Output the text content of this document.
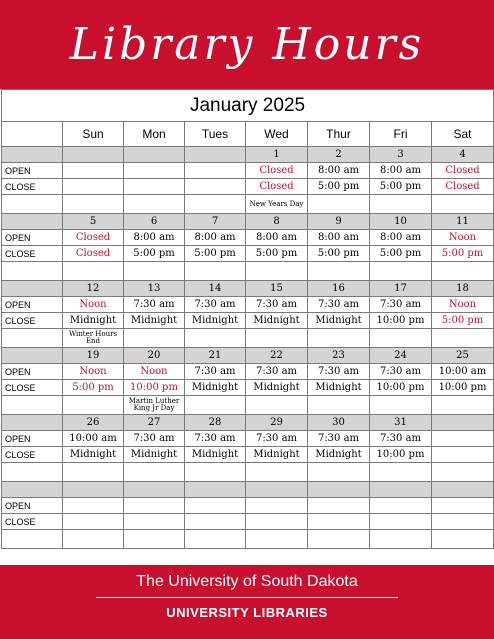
Library Hours
January 2025							
	Sun	Mon	Tues	Wed	Thur	Fri	Sat
				1	2	3	4
OPEN				Closed	8:00 am	8:00 am	Closed
CLOSE				Closed	5:00 pm	5:00 pm	Closed
				New Years Day			
	5	6	7	8	9	10	11
OPEN	Closed	8:00 am	8:00 am	8:00 am	8:00 am	8:00 am	Noon
CLOSE	Closed	5:00 pm	5:00 pm	5:00 pm	5:00 pm	5:00 pm	5:00 pm

	12	13	14	15	16	17	18
OPEN	Noon	7:30 am	7:30 am	7:30 am	7:30 am	7:30 am	Noon
CLOSE	Midnight	Midnight	Midnight	Midnight	Midnight	10:00 pm	5:00 pm
	Winter Hours End						
	19	20	21	22	23	24	25
OPEN	Noon	Noon	7:30 am	7:30 am	7:30 am	7:30 am	10:00 am
CLOSE	5:00 pm	10:00 pm	Midnight	Midnight	Midnight	10:00 pm	10:00 pm
		Martin Luther King Jr Day					
	26	27	28	29	30	31	
OPEN	10:00 am	7:30 am	7:30 am	7:30 am	7:30 am	7:30 am	
CLOSE	Midnight	Midnight	Midnight	Midnight	Midnight	10:00 pm	

OPEN							
CLOSE							

The University of South Dakota
UNIVERSITY LIBRARIES
